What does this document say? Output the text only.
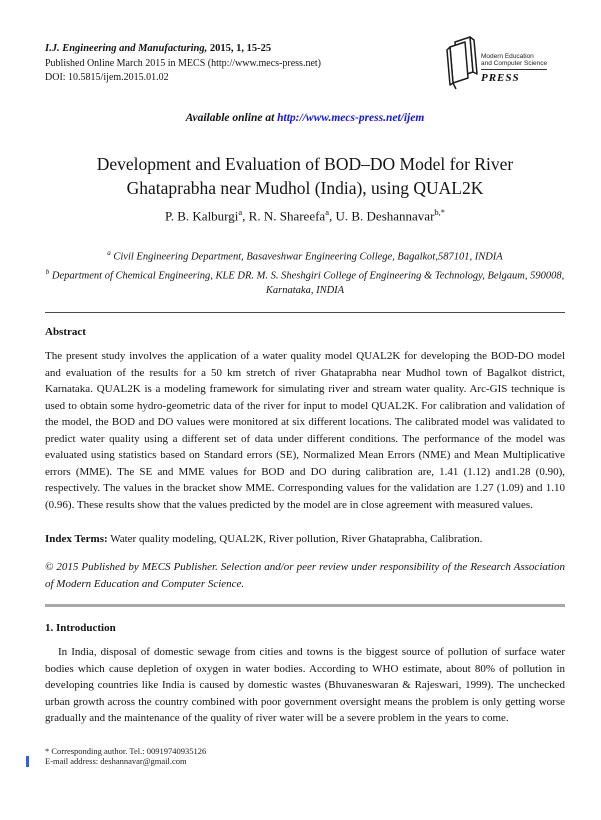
I.J. Engineering and Manufacturing, 2015, 1, 15-25
Published Online March 2015 in MECS (http://www.mecs-press.net)
DOI: 10.5815/ijem.2015.01.02
Modern Education
and Computer Science
PRESS
Available online at http://www.mecs-press.net/ijem
Development and Evaluation of BOD–DO Model for River
Ghataprabha near Mudhol (India), using QUAL2K
P. B. Kalburgi$^a$, R. N. Shareefa$^a$, U. B. Deshannavar$^{b,*}$
$^a$ Civil Engineering Department, Basaveshwar Engineering College, Bagalkot,587101, INDIA
$^b$ Department of Chemical Engineering, KLE DR. M. S. Sheshgiri College of Engineering & Technology, Belgaum, 590008, Karnataka, INDIA
Abstract

The present study involves the application of a water quality model QUAL2K for developing the BOD-DO model and evaluation of the results for a 50 km stretch of river Ghataprabha near Mudhol town of Bagalkot district, Karnataka. QUAL2K is a modeling framework for simulating river and stream water quality. Arc-GIS technique is used to obtain some hydro-geometric data of the river for input to model QUAL2K. For calibration and validation of the model, the BOD and DO values were monitored at six different locations. The calibrated model was validated to predict water quality using a different set of data under different conditions. The performance of the model was evaluated using statistics based on Standard errors (SE), Normalized Mean Errors (NME) and Mean Multiplicative errors (MME). The SE and MME values for BOD and DO during calibration are, 1.41 (1.12) and1.28 (0.90), respectively. The values in the bracket show MME. Corresponding values for the validation are 1.27 (1.09) and 1.10 (0.96). These results show that the values predicted by the model are in close agreement with measured values.

Index Terms: Water quality modeling, QUAL2K, River pollution, River Ghataprabha, Calibration.

© 2015 Published by MECS Publisher. Selection and/or peer review under responsibility of the Research Association of Modern Education and Computer Science.

1. Introduction

In India, disposal of domestic sewage from cities and towns is the biggest source of pollution of surface water bodies which cause depletion of oxygen in water bodies. According to WHO estimate, about 80% of pollution in developing countries like India is caused by domestic wastes (Bhuvaneswaran & Rajeswari, 1999). The unchecked urban growth across the country combined with poor government oversight means the problem is only getting worse gradually and the maintenance of the quality of river water will be a severe problem in the years to come.

* Corresponding author. Tel.: 00919740935126
E-mail address: deshannavar@gmail.com
